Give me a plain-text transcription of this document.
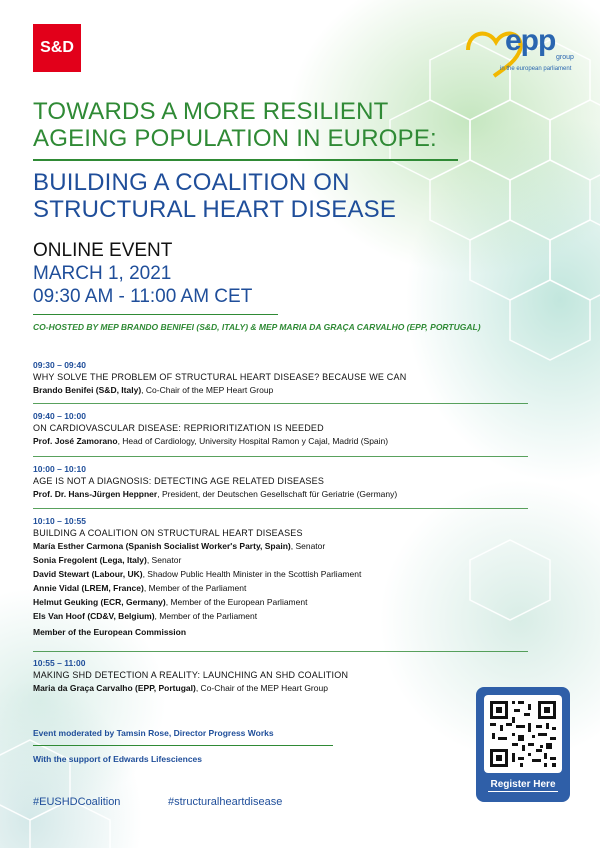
S&D	epp
group
in the european parliament
TOWARDS A MORE RESILIENT
AGEING POPULATION IN EUROPE:
BUILDING A COALITION ON
STRUCTURAL HEART DISEASE
ONLINE EVENT
MARCH 1, 2021
09:30 AM - 11:00 AM CET
CO-HOSTED BY MEP BRANDO BENIFEI (S&D, ITALY) & MEP MARIA DA GRAÇA CARVALHO (EPP, PORTUGAL)
09:30 – 09:40
WHY SOLVE THE PROBLEM OF STRUCTURAL HEART DISEASE? BECAUSE WE CAN
Brando Benifei (S&D, Italy), Co-Chair of the MEP Heart Group
09:40 – 10:00
ON CARDIOVASCULAR DISEASE: REPRIORITIZATION IS NEEDED
Prof. José Zamorano, Head of Cardiology, University Hospital Ramon y Cajal, Madrid (Spain)
10:00 – 10:10
AGE IS NOT A DIAGNOSIS: DETECTING AGE RELATED DISEASES
Prof. Dr. Hans-Jürgen Heppner, President, der Deutschen Gesellschaft für Geriatrie (Germany)
10:10 – 10:55
BUILDING A COALITION ON STRUCTURAL HEART DISEASES
María Esther Carmona (Spanish Socialist Worker's Party, Spain), Senator
Sonia Fregolent (Lega, Italy), Senator
David Stewart (Labour, UK), Shadow Public Health Minister in the Scottish Parliament
Annie Vidal (LREM, France), Member of the Parliament
Helmut Geuking (ECR, Germany), Member of the European Parliament
Els Van Hoof (CD&V, Belgium), Member of the Parliament
Member of the European Commission
10:55 – 11:00
MAKING SHD DETECTION A REALITY: LAUNCHING AN SHD COALITION
Maria da Graça Carvalho (EPP, Portugal), Co-Chair of the MEP Heart Group
Event moderated by Tamsin Rose, Director Progress Works
With the support of Edwards Lifesciences
#EUSHDCoalition	#structuralheartdisease
Register Here
